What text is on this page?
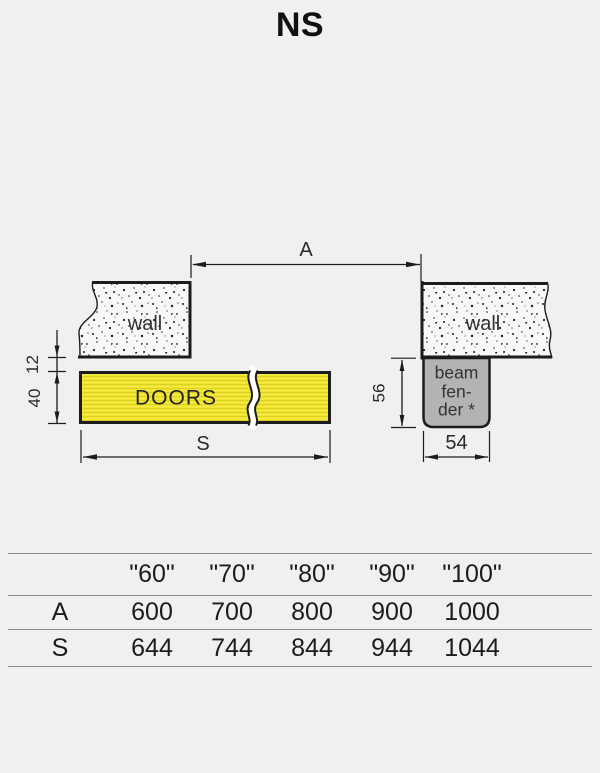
NS
A
wall	wall
beam
fen-
der *
DOORS
12
40
S
56
54
"60"	"70"	"80"	"90"	"100"
A	600	700	800	900	1000
S	644	744	844	944	1044
